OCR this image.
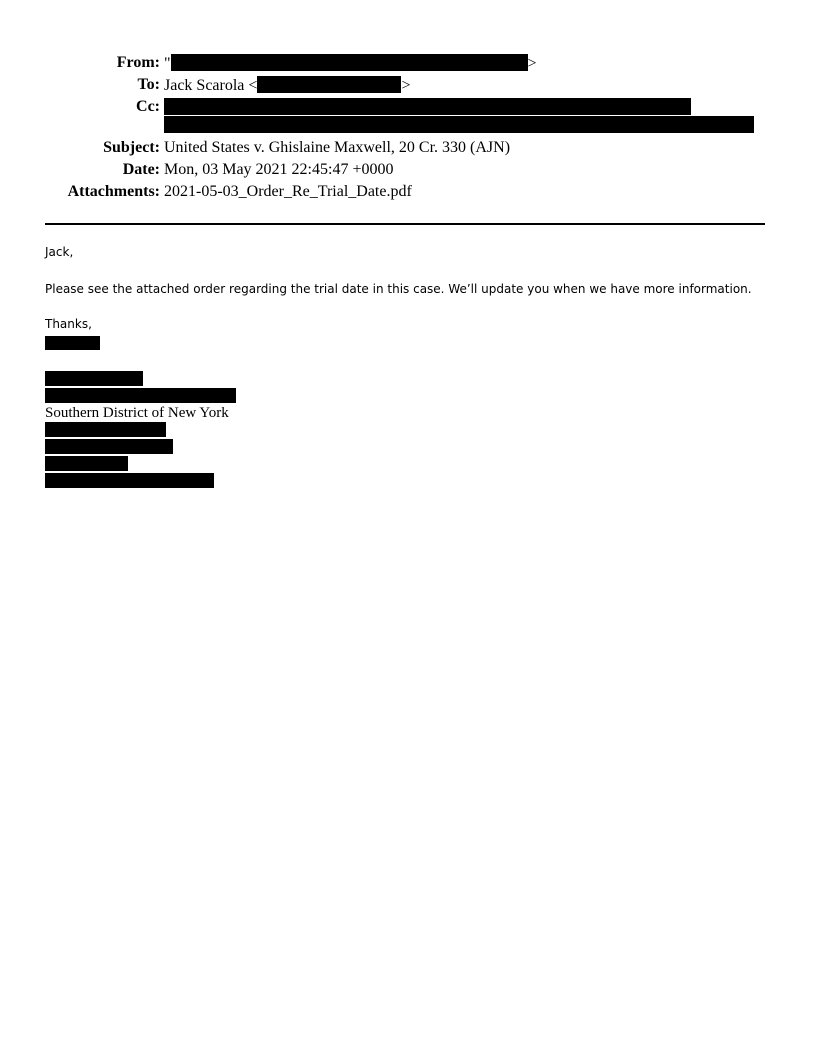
From: "	>
To: Jack Scarola <	>
Cc:
Subject: United States v. Ghislaine Maxwell, 20 Cr. 330 (AJN)
Date: Mon, 03 May 2021 22:45:47 +0000
Attachments: 2021-05-03_Order_Re_Trial_Date.pdf
Jack,
Please see the attached order regarding the trial date in this case. We’ll update you when we have more information.
Thanks,
Southern District of New York
